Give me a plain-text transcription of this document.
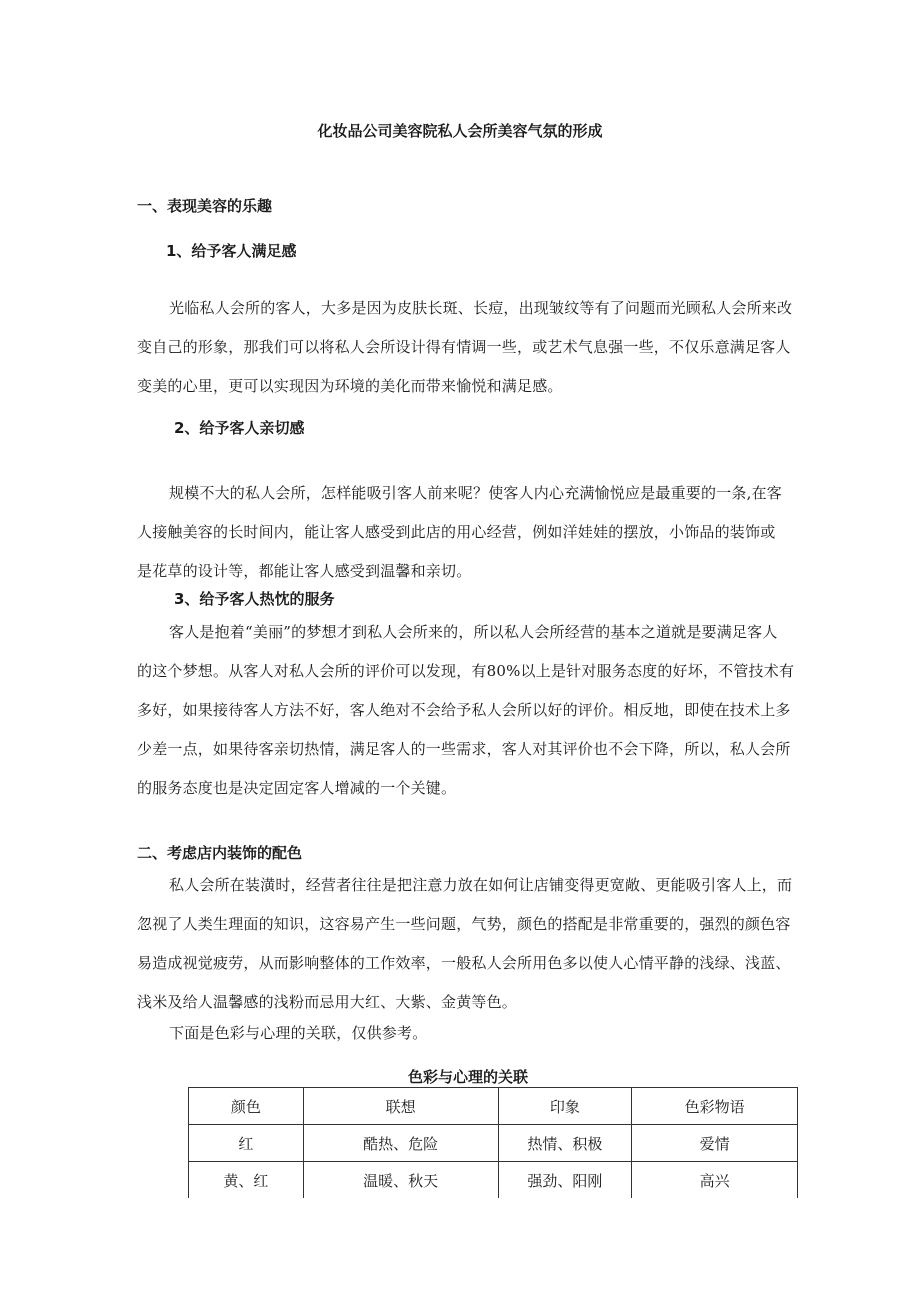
化妆品公司美容院私人会所美容气氛的形成
一、表现美容的乐趣
1、给予客人满足感

光临私人会所的客人，大多是因为皮肤长斑、长痘，出现皱纹等有了问题而光顾私人会所来改
变自己的形象，那我们可以将私人会所设计得有情调一些，或艺术气息强一些，不仅乐意满足客人
变美的心里，更可以实现因为环境的美化而带来愉悦和满足感。

2、给予客人亲切感

规模不大的私人会所，怎样能吸引客人前来呢？使客人内心充满愉悦应是最重要的一条,在客
人接触美容的长时间内，能让客人感受到此店的用心经营，例如洋娃娃的摆放，小饰品的装饰或
是花草的设计等，都能让客人感受到温馨和亲切。

3、给予客人热忱的服务

客人是抱着“美丽”的梦想才到私人会所来的，所以私人会所经营的基本之道就是要满足客人
的这个梦想。从客人对私人会所的评价可以发现，有80%以上是针对服务态度的好坏，不管技术有
多好，如果接待客人方法不好，客人绝对不会给予私人会所以好的评价。相反地，即使在技术上多
少差一点，如果待客亲切热情，满足客人的一些需求，客人对其评价也不会下降，所以，私人会所
的服务态度也是决定固定客人增减的一个关键。

二、考虑店内装饰的配色

私人会所在装潢时，经营者往往是把注意力放在如何让店铺变得更宽敞、更能吸引客人上，而
忽视了人类生理面的知识，这容易产生一些问题，气势，颜色的搭配是非常重要的，强烈的颜色容
易造成视觉疲劳，从而影响整体的工作效率，一般私人会所用色多以使人心情平静的浅绿、浅蓝、
浅米及给人温馨感的浅粉而忌用大红、大紫、金黄等色。

下面是色彩与心理的关联，仅供参考。

色彩与心理的关联
颜色	联想	印象	色彩物语
红	酷热、危险	热情、积极	爱情
黄、红	温暖、秋天	强劲、阳刚	高兴
